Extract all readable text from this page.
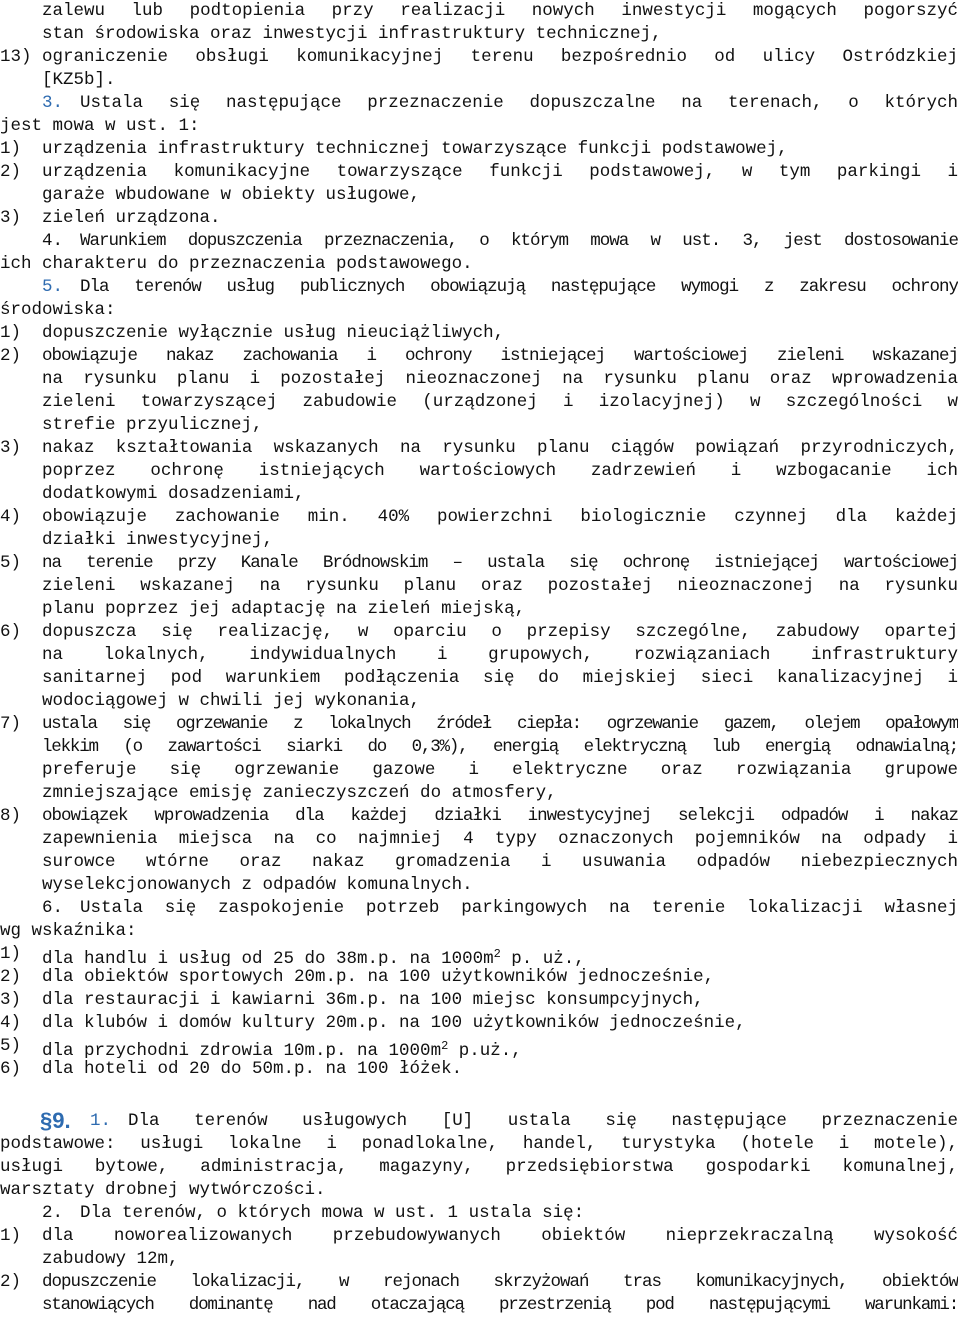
zalewu lub podtopienia przy realizacji nowych inwestycji mogących pogorszyć
stan środowiska oraz inwestycji infrastruktury technicznej,
13) ograniczenie obsługi komunikacyjnej terenu bezpośrednio od ulicy Ostródzkiej
[KZ5b].
3. Ustala się następujące przeznaczenie dopuszczalne na terenach, o których
jest mowa w ust. 1:
1) urządzenia infrastruktury technicznej towarzyszące funkcji podstawowej,
2) urządzenia komunikacyjne towarzyszące funkcji podstawowej, w tym parkingi i
garaże wbudowane w obiekty usługowe,
3) zieleń urządzona.
4. Warunkiem dopuszczenia przeznaczenia, o którym mowa w ust. 3, jest dostosowanie
ich charakteru do przeznaczenia podstawowego.
5. Dla terenów usług publicznych obowiązują następujące wymogi z zakresu ochrony
środowiska:
1) dopuszczenie wyłącznie usług nieuciążliwych,
2) obowiązuje nakaz zachowania i ochrony istniejącej wartościowej zieleni wskazanej
na rysunku planu i pozostałej nieoznaczonej na rysunku planu oraz wprowadzenia
zieleni towarzyszącej zabudowie (urządzonej i izolacyjnej) w szczególności w
strefie przyulicznej,
3) nakaz kształtowania wskazanych na rysunku planu ciągów powiązań przyrodniczych,
poprzez ochronę istniejących wartościowych zadrzewień i wzbogacanie ich
dodatkowymi dosadzeniami,
4) obowiązuje zachowanie min. 40% powierzchni biologicznie czynnej dla każdej
działki inwestycyjnej,
5) na terenie przy Kanale Bródnowskim – ustala się ochronę istniejącej wartościowej
zieleni wskazanej na rysunku planu oraz pozostałej nieoznaczonej na rysunku
planu poprzez jej adaptację na zieleń miejską,
6) dopuszcza się realizację, w oparciu o przepisy szczególne, zabudowy opartej
na lokalnych, indywidualnych i grupowych, rozwiązaniach infrastruktury
sanitarnej pod warunkiem podłączenia się do miejskiej sieci kanalizacyjnej i
wodociągowej w chwili jej wykonania,
7) ustala się ogrzewanie z lokalnych źródeł ciepła: ogrzewanie gazem, olejem opałowym
lekkim (o zawartości siarki do 0,3%), energią elektryczną lub energią odnawialną;
preferuje się ogrzewanie gazowe i elektryczne oraz rozwiązania grupowe
zmniejszające emisję zanieczyszczeń do atmosfery,
8) obowiązek wprowadzenia dla każdej działki inwestycyjnej selekcji odpadów i nakaz
zapewnienia miejsca na co najmniej 4 typy oznaczonych pojemników na odpady i
surowce wtórne oraz nakaz gromadzenia i usuwania odpadów niebezpiecznych
wyselekcjonowanych z odpadów komunalnych.
6. Ustala się zaspokojenie potrzeb parkingowych na terenie lokalizacji własnej
wg wskaźnika:
1) dla handlu i usług od 25 do 38m.p. na $1000m^2$ p. uż.,
2) dla obiektów sportowych 20m.p. na 100 użytkowników jednocześnie,
3) dla restauracji i kawiarni 36m.p. na 100 miejsc konsumpcyjnych,
4) dla klubów i domów kultury 20m.p. na 100 użytkowników jednocześnie,
5) dla przychodni zdrowia 10m.p. na $1000m^2$ p.uż.,
6) dla hoteli od 20 do 50m.p. na 100 łóżek.
§9. 1. Dla terenów usługowych [U] ustala się następujące przeznaczenie
podstawowe: usługi lokalne i ponadlokalne, handel, turystyka (hotele i motele),
usługi bytowe, administracja, magazyny, przedsiębiorstwa gospodarki komunalnej,
warsztaty drobnej wytwórczości.
2. Dla terenów, o których mowa w ust. 1 ustala się:
1) dla noworealizowanych przebudowywanych obiektów nieprzekraczalną wysokość
zabudowy 12m,
2) dopuszczenie lokalizacji, w rejonach skrzyżowań tras komunikacyjnych, obiektów
stanowiących dominantę nad otaczającą przestrzenią pod następującymi warunkami:
